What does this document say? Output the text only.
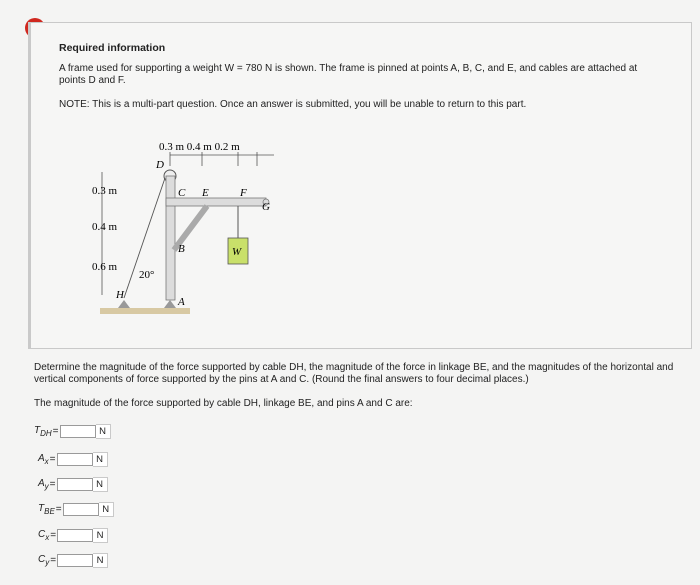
Required information
A frame used for supporting a weight W = 780 N is shown. The frame is pinned at points A, B, C, and E, and cables are attached at points D and F.
NOTE: This is a multi-part question. Once an answer is submitted, you will be unable to return to this part.
0.3 m 0.4 m 0.2 m
0.3 m
0.4 m
0.6 m
D
G
C E	F
B	W
20°
H
A
Determine the magnitude of the force supported by cable DH, the magnitude of the force in linkage BE, and the magnitudes of the horizontal and vertical components of force supported by the pins at A and C. (Round the final answers to four decimal places.)
The magnitude of the force supported by cable DH, linkage BE, and pins A and C are:
$T_{DH}$ =	N
$A_x$ =	N
$A_y$ =	N
$T_{BE}$ =	N
$C_x$ =	N
$C_y$ =	N
